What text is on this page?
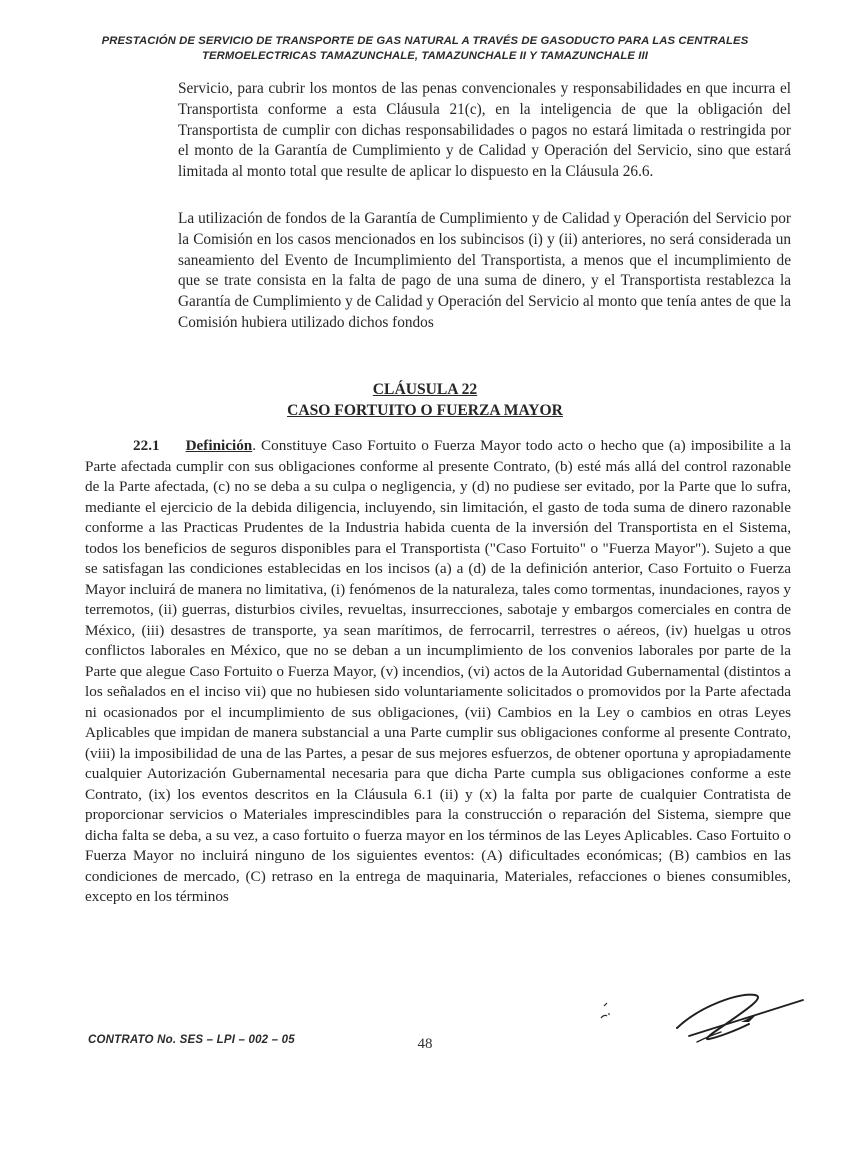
PRESTACIÓN DE SERVICIO DE TRANSPORTE DE GAS NATURAL A TRAVÉS DE GASODUCTO PARA LAS CENTRALES
TERMOELECTRICAS TAMAZUNCHALE, TAMAZUNCHALE II Y TAMAZUNCHALE III

Servicio, para cubrir los montos de las penas convencionales y responsabilidades en que incurra el Transportista conforme a esta Cláusula 21(c), en la inteligencia de que la obligación del Transportista de cumplir con dichas responsabilidades o pagos no estará limitada o restringida por el monto de la Garantía de Cumplimiento y de Calidad y Operación del Servicio, sino que estará limitada al monto total que resulte de aplicar lo dispuesto en la Cláusula 26.6.

La utilización de fondos de la Garantía de Cumplimiento y de Calidad y Operación del Servicio por la Comisión en los casos mencionados en los subincisos (i) y (ii) anteriores, no será considerada un saneamiento del Evento de Incumplimiento del Transportista, a menos que el incumplimiento de que se trate consista en la falta de pago de una suma de dinero, y el Transportista restablezca la Garantía de Cumplimiento y de Calidad y Operación del Servicio al monto que tenía antes de que la Comisión hubiera utilizado dichos fondos

CLÁUSULA 22
CASO FORTUITO O FUERZA MAYOR

22.1 Definición. Constituye Caso Fortuito o Fuerza Mayor todo acto o hecho que (a) imposibilite a la Parte afectada cumplir con sus obligaciones conforme al presente Contrato, (b) esté más allá del control razonable de la Parte afectada, (c) no se deba a su culpa o negligencia, y (d) no pudiese ser evitado, por la Parte que lo sufra, mediante el ejercicio de la debida diligencia, incluyendo, sin limitación, el gasto de toda suma de dinero razonable conforme a las Practicas Prudentes de la Industria habida cuenta de la inversión del Transportista en el Sistema, todos los beneficios de seguros disponibles para el Transportista ("Caso Fortuito" o "Fuerza Mayor"). Sujeto a que se satisfagan las condiciones establecidas en los incisos (a) a (d) de la definición anterior, Caso Fortuito o Fuerza Mayor incluirá de manera no limitativa, (i) fenómenos de la naturaleza, tales como tormentas, inundaciones, rayos y terremotos, (ii) guerras, disturbios civiles, revueltas, insurrecciones, sabotaje y embargos comerciales en contra de México, (iii) desastres de transporte, ya sean marítimos, de ferrocarril, terrestres o aéreos, (iv) huelgas u otros conflictos laborales en México, que no se deban a un incumplimiento de los convenios laborales por parte de la Parte que alegue Caso Fortuito o Fuerza Mayor, (v) incendios, (vi) actos de la Autoridad Gubernamental (distintos a los señalados en el inciso vii) que no hubiesen sido voluntariamente solicitados o promovidos por la Parte afectada ni ocasionados por el incumplimiento de sus obligaciones, (vii) Cambios en la Ley o cambios en otras Leyes Aplicables que impidan de manera substancial a una Parte cumplir sus obligaciones conforme al presente Contrato, (viii) la imposibilidad de una de las Partes, a pesar de sus mejores esfuerzos, de obtener oportuna y apropiadamente cualquier Autorización Gubernamental necesaria para que dicha Parte cumpla sus obligaciones conforme a este Contrato, (ix) los eventos descritos en la Cláusula 6.1 (ii) y (x) la falta por parte de cualquier Contratista de proporcionar servicios o Materiales imprescindibles para la construcción o reparación del Sistema, siempre que dicha falta se deba, a su vez, a caso fortuito o fuerza mayor en los términos de las Leyes Aplicables. Caso Fortuito o Fuerza Mayor no incluirá ninguno de los siguientes eventos: (A) dificultades económicas; (B) cambios en las condiciones de mercado, (C) retraso en la entrega de maquinaria, Materiales, refacciones o bienes consumibles, excepto en los términos

CONTRATO No. SES – LPI – 002 – 05	48
